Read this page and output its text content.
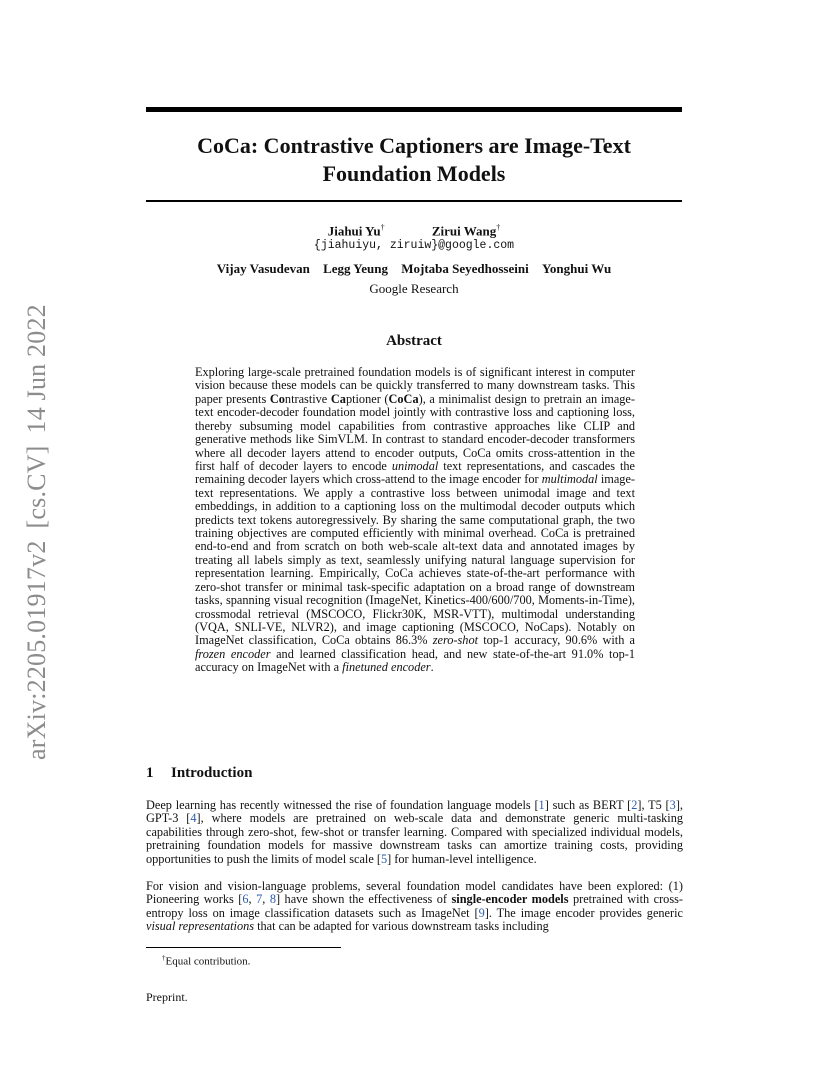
arXiv:2205.01917v2[cs.CV]14 Jun 2022
CoCa: Contrastive Captioners are Image-Text
Foundation Models
Jiahui Yu†	Zirui Wang†
{jiahuiyu, ziruiw}@google.com
Vijay Vasudevan Legg Yeung Mojtaba Seyedhosseini Yonghui Wu
Google Research
Abstract
Exploring large-scale pretrained foundation models is of significant interest in computer vision because these models can be quickly transferred to many downstream tasks. This paper presents Contrastive Captioner (CoCa), a minimalist design to pretrain an image-text encoder-decoder foundation model jointly with contrastive loss and captioning loss, thereby subsuming model capabilities from contrastive approaches like CLIP and generative methods like SimVLM. In contrast to standard encoder-decoder transformers where all decoder layers attend to encoder outputs, CoCa omits cross-attention in the first half of decoder layers to encode unimodal text representations, and cascades the remaining decoder layers which cross-attend to the image encoder for multimodal image-text representations. We apply a contrastive loss between unimodal image and text embeddings, in addition to a captioning loss on the multimodal decoder outputs which predicts text tokens autoregressively. By sharing the same computational graph, the two training objectives are computed efficiently with minimal overhead. CoCa is pretrained end-to-end and from scratch on both web-scale alt-text data and annotated images by treating all labels simply as text, seamlessly unifying natural language supervision for representation learning. Empirically, CoCa achieves state-of-the-art performance with zero-shot transfer or minimal task-specific adaptation on a broad range of downstream tasks, spanning visual recognition (ImageNet, Kinetics-400/600/700, Moments-in-Time), crossmodal retrieval (MSCOCO, Flickr30K, MSR-VTT), multimodal understanding (VQA, SNLI-VE, NLVR2), and image captioning (MSCOCO, NoCaps). Notably on ImageNet classification, CoCa obtains 86.3% zero-shot top-1 accuracy, 90.6% with a frozen encoder and learned classification head, and new state-of-the-art 91.0% top-1 accuracy on ImageNet with a finetuned encoder.
1 Introduction
Deep learning has recently witnessed the rise of foundation language models [1] such as BERT [2], T5 [3], GPT-3 [4], where models are pretrained on web-scale data and demonstrate generic multi-tasking capabilities through zero-shot, few-shot or transfer learning. Compared with specialized individual models, pretraining foundation models for massive downstream tasks can amortize training costs, providing opportunities to push the limits of model scale [5] for human-level intelligence.
For vision and vision-language problems, several foundation model candidates have been explored: (1) Pioneering works [6, 7, 8] have shown the effectiveness of single-encoder models pretrained with cross-entropy loss on image classification datasets such as ImageNet [9]. The image encoder provides generic visual representations that can be adapted for various downstream tasks including
†Equal contribution.
Preprint.
